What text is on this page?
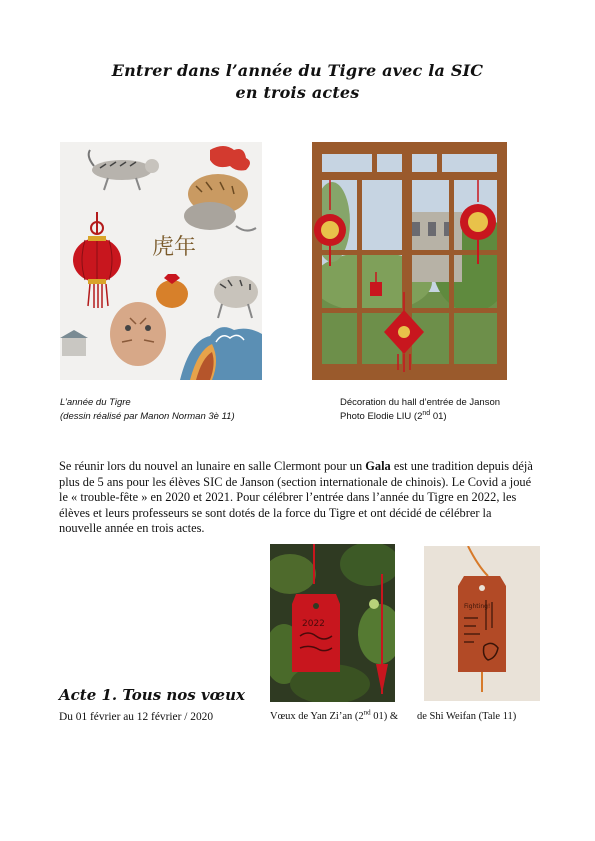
Entrer dans l’année du Tigre avec la SIC
en trois actes
虎年
L’année du Tigre
(dessin réalisé par Manon Norman 3è 11)
Décoration du hall d’entrée de Janson
Photo Elodie LIU (2nd 01)
Se réunir lors du nouvel an lunaire en salle Clermont pour un Gala est une tradition depuis déjà plus de 5 ans pour les élèves SIC de Janson (section internationale de chinois). Le Covid a joué le « trouble-fête » en 2020 et 2021. Pour célébrer l’entrée dans l’année du Tigre en 2022, les élèves et leurs professeurs se sont dotés de la force du Tigre et ont décidé de célébrer la nouvelle année en trois actes.
2022
Fighting!
Acte 1. Tous nos vœux
Du 01 février au 12 février / 2020	Vœux de Yan Zi’an (2nd 01) & de Shi Weifan (Tale 11)
